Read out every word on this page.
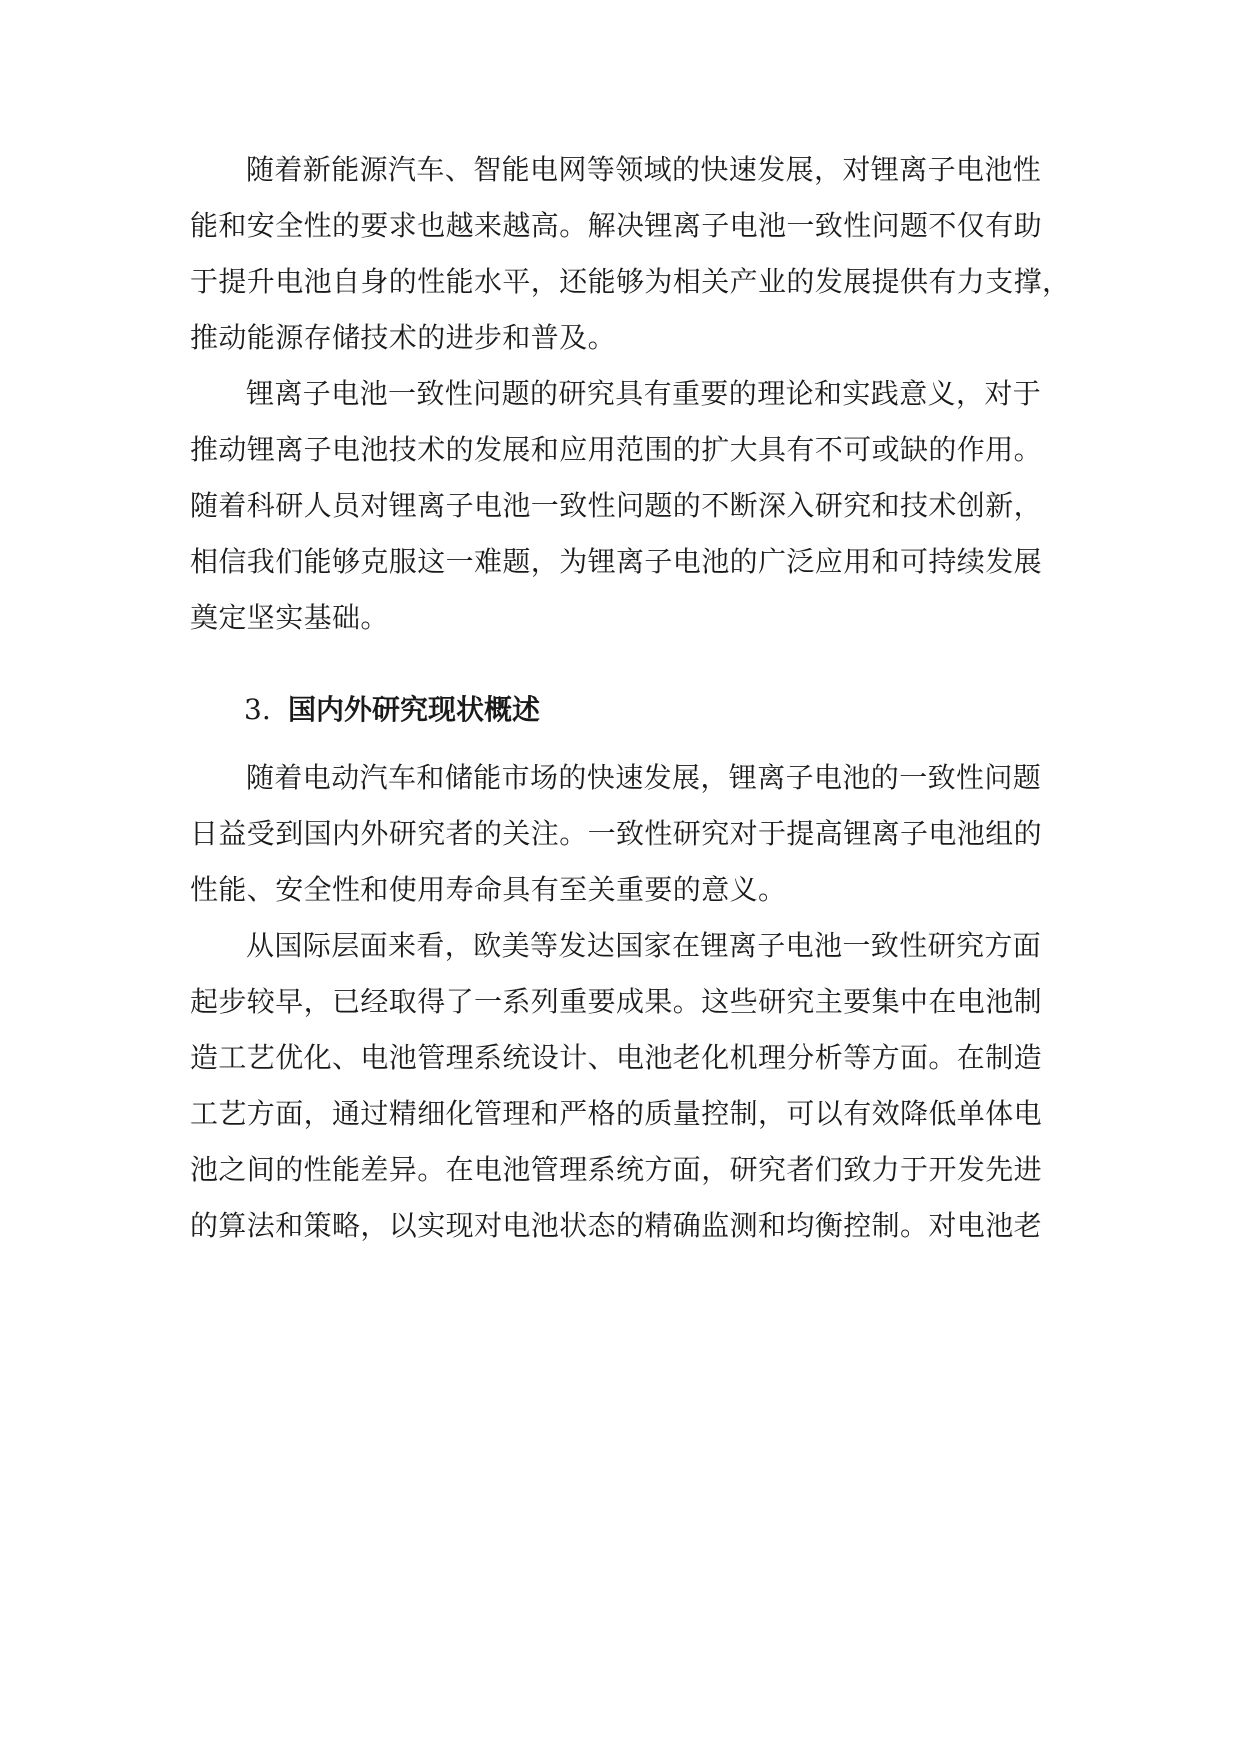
随着新能源汽车、智能电网等领域的快速发展，对锂离子电池性
能和安全性的要求也越来越高。解决锂离子电池一致性问题不仅有助
于提升电池自身的性能水平，还能够为相关产业的发展提供有力支撑，
推动能源存储技术的进步和普及。
锂离子电池一致性问题的研究具有重要的理论和实践意义，对于
推动锂离子电池技术的发展和应用范围的扩大具有不可或缺的作用。
随着科研人员对锂离子电池一致性问题的不断深入研究和技术创新，
相信我们能够克服这一难题，为锂离子电池的广泛应用和可持续发展
奠定坚实基础。
3. 国内外研究现状概述
随着电动汽车和储能市场的快速发展，锂离子电池的一致性问题
日益受到国内外研究者的关注。一致性研究对于提高锂离子电池组的
性能、安全性和使用寿命具有至关重要的意义。
从国际层面来看，欧美等发达国家在锂离子电池一致性研究方面
起步较早，已经取得了一系列重要成果。这些研究主要集中在电池制
造工艺优化、电池管理系统设计、电池老化机理分析等方面。在制造
工艺方面，通过精细化管理和严格的质量控制，可以有效降低单体电
池之间的性能差异。在电池管理系统方面，研究者们致力于开发先进
的算法和策略，以实现对电池状态的精确监测和均衡控制。对电池老
